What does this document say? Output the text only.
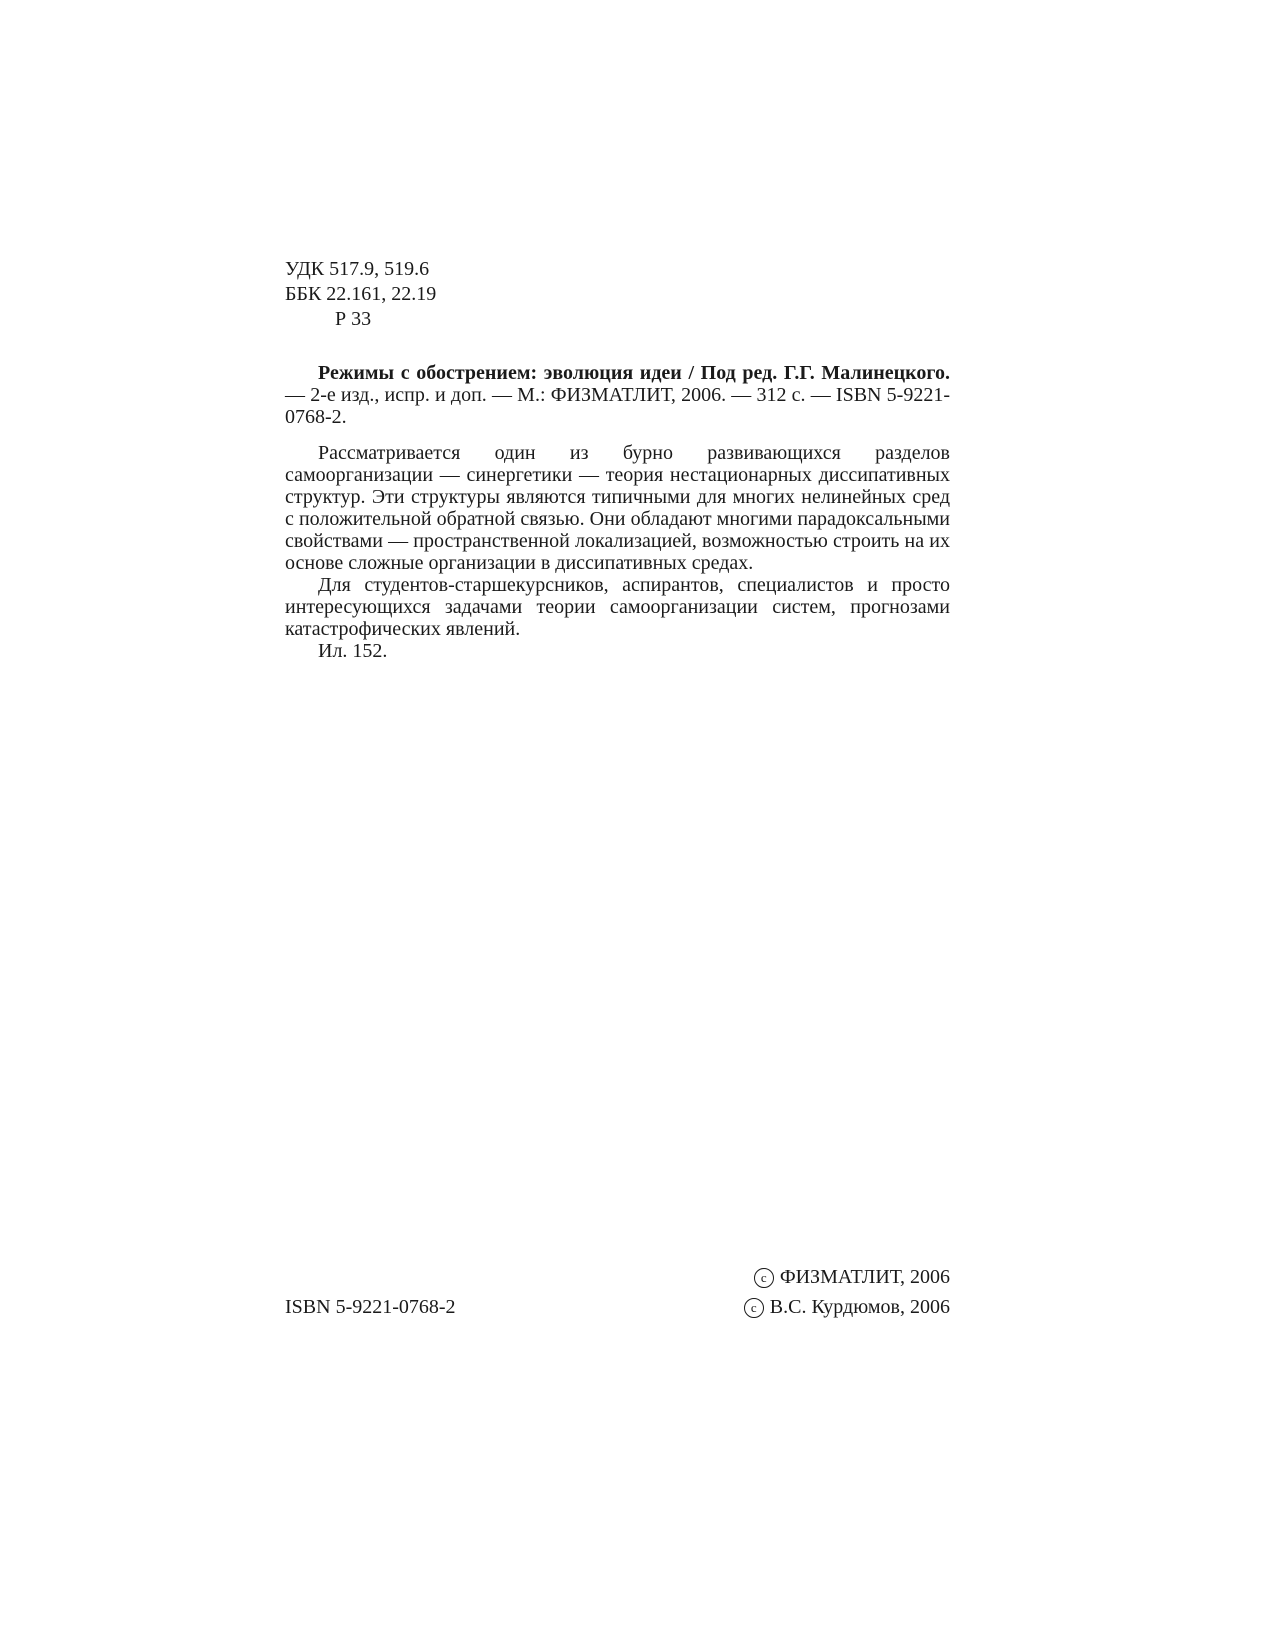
УДК 517.9, 519.6
ББК 22.161, 22.19
Р 33

Режимы с обострением: эволюция идеи / Под ред. Г.Г. Малинецкого. — 2-е изд., испр. и доп. — М.: ФИЗМАТЛИТ, 2006. — 312 с. — ISBN 5-9221-0768-2.

Рассматривается один из бурно развивающихся разделов самоорганизации — синергетики — теория нестационарных диссипативных структур. Эти структуры являются типичными для многих нелинейных сред с положительной обратной связью. Они обладают многими парадоксальными свойствами — пространственной локализацией, возможностью строить на их основе сложные организации в диссипативных средах.

Для студентов-старшекурсников, аспирантов, специалистов и просто интересующихся задачами теории самоорганизации систем, прогнозами катастрофических явлений.

Ил. 152.

ISBN 5-9221-0768-2
c ФИЗМАТЛИТ, 2006
c В.С. Курдюмов, 2006
